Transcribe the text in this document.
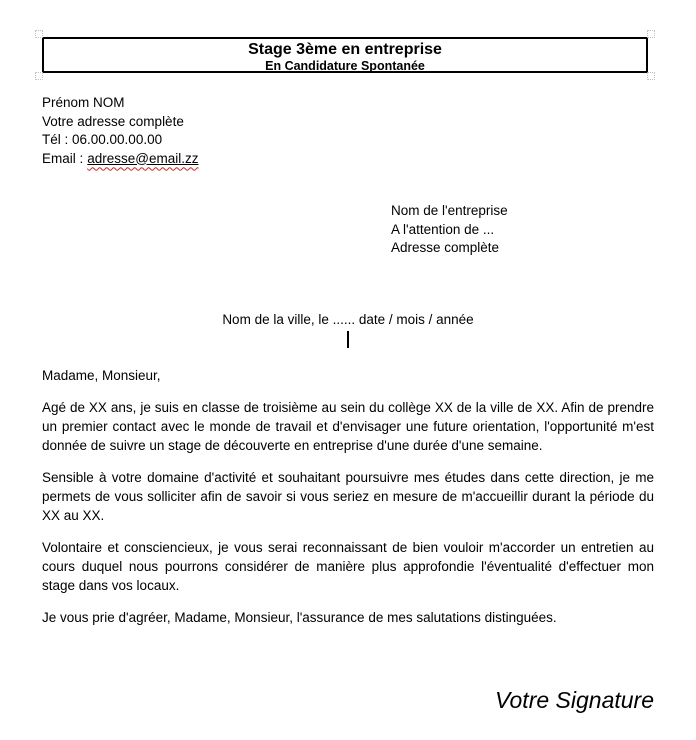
Stage 3ème en entreprise
En Candidature Spontanée
Prénom NOM
Votre adresse complète
Tél : 06.00.00.00.00
Email : adresse@email.zz
Nom de l'entreprise
A l'attention de ...
Adresse complète
Nom de la ville, le ...... date / mois / année

Madame, Monsieur,

Agé de XX ans, je suis en classe de troisième au sein du collège XX de la ville de XX. Afin de prendre un premier contact avec le monde de travail et d'envisager une future orientation, l'opportunité m'est donnée de suivre un stage de découverte en entreprise d'une durée d'une semaine.

Sensible à votre domaine d'activité et souhaitant poursuivre mes études dans cette direction, je me permets de vous solliciter afin de savoir si vous seriez en mesure de m'accueillir durant la période du XX au XX.

Volontaire et consciencieux, je vous serai reconnaissant de bien vouloir m'accorder un entretien au cours duquel nous pourrons considérer de manière plus approfondie l'éventualité d'effectuer mon stage dans vos locaux.

Je vous prie d'agréer, Madame, Monsieur, l'assurance de mes salutations distinguées.

Votre Signature
